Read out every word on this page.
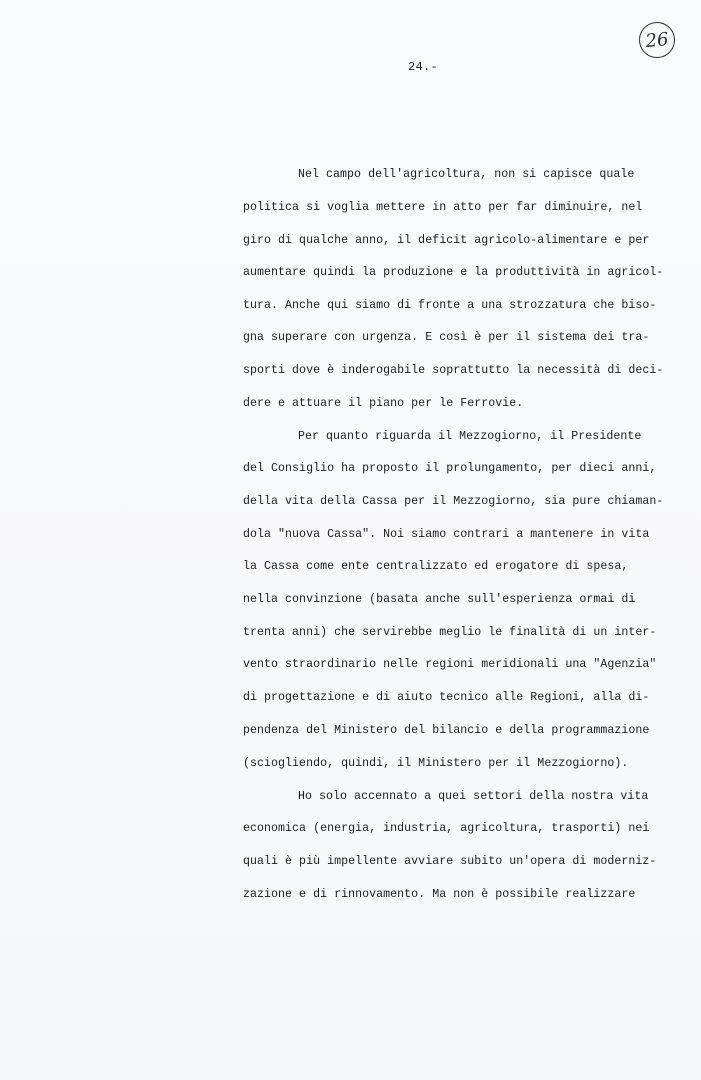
26
24.-
Nel campo dell'agricoltura, non si capisce quale
politica si voglia mettere in atto per far diminuire, nel
giro di qualche anno, il deficit agricolo-alimentare e per
aumentare quindi la produzione e la produttività in agricol-
tura. Anche qui siamo di fronte a una strozzatura che biso-
gna superare con urgenza. E così è per il sistema dei tra-
sporti dove è inderogabile soprattutto la necessità di deci-
dere e attuare il piano per le Ferrovie.
Per quanto riguarda il Mezzogiorno, il Presidente
del Consiglio ha proposto il prolungamento, per dieci anni,
della vita della Cassa per il Mezzogiorno, sia pure chiaman-
dola "nuova Cassa". Noi siamo contrari a mantenere in vita
la Cassa come ente centralizzato ed erogatore di spesa,
nella convinzione (basata anche sull'esperienza ormai di
trenta anni) che servirebbe meglio le finalità di un inter-
vento straordinario nelle regioni meridionali una "Agenzia"
di progettazione e di aiuto tecnico alle Regioni, alla di-
pendenza del Ministero del bilancio e della programmazione
(sciogliendo, quindi, il Ministero per il Mezzogiorno).
Ho solo accennato a quei settori della nostra vita
economica (energia, industria, agricoltura, trasporti) nei
quali è più impellente avviare subito un'opera di moderniz-
zazione e di rinnovamento. Ma non è possibile realizzare
